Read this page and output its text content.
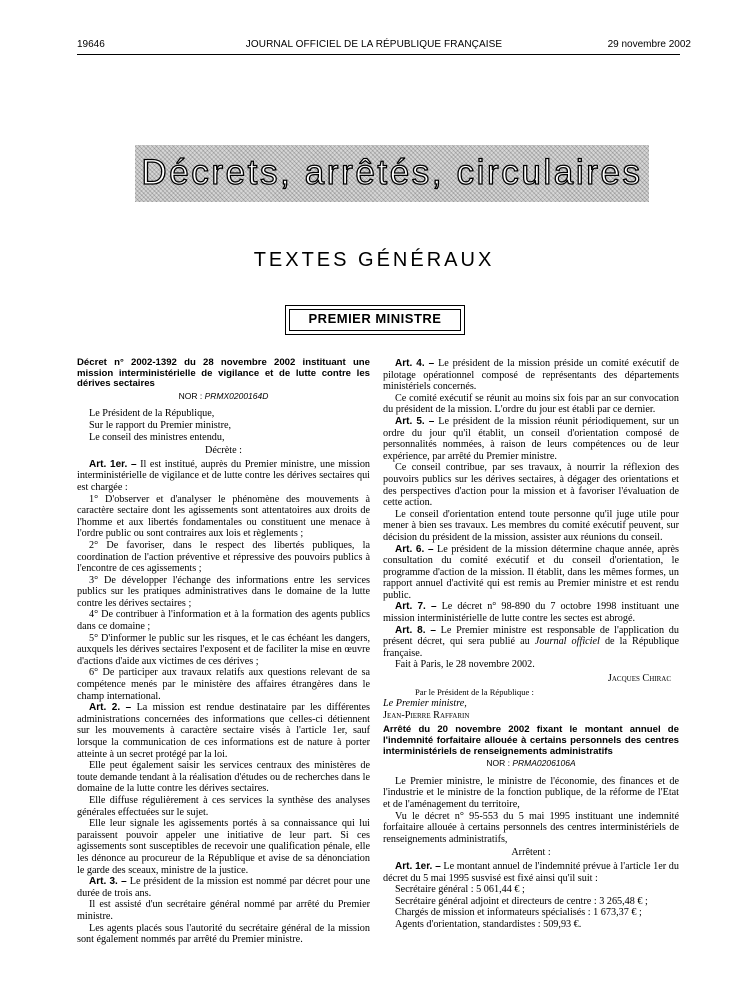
19646	JOURNAL OFFICIEL DE LA RÉPUBLIQUE FRANÇAISE	29 novembre 2002
Décrets, arrêtés, circulaires
TEXTES GÉNÉRAUX
PREMIER MINISTRE

Décret n° 2002-1392 du 28 novembre 2002 instituant une mission interministérielle de vigilance et de lutte contre les dérives sectaires

NOR : PRMX0200164D

Le Président de la République,

Sur le rapport du Premier ministre,

Le conseil des ministres entendu,

Décrète :

Art. 1er. – Il est institué, auprès du Premier ministre, une mission interministérielle de vigilance et de lutte contre les dérives sectaires qui est chargée :

1° D'observer et d'analyser le phénomène des mouvements à caractère sectaire dont les agissements sont attentatoires aux droits de l'homme et aux libertés fondamentales ou constituent une menace à l'ordre public ou sont contraires aux lois et règlements ;

2° De favoriser, dans le respect des libertés publiques, la coordination de l'action préventive et répressive des pouvoirs publics à l'encontre de ces agissements ;

3° De développer l'échange des informations entre les services publics sur les pratiques administratives dans le domaine de la lutte contre les dérives sectaires ;

4° De contribuer à l'information et à la formation des agents publics dans ce domaine ;

5° D'informer le public sur les risques, et le cas échéant les dangers, auxquels les dérives sectaires l'exposent et de faciliter la mise en œuvre d'actions d'aide aux victimes de ces dérives ;

6° De participer aux travaux relatifs aux questions relevant de sa compétence menés par le ministère des affaires étrangères dans le champ international.

Art. 2. – La mission est rendue destinataire par les différentes administrations concernées des informations que celles-ci détiennent sur les mouvements à caractère sectaire visés à l'article 1er, sauf lorsque la communication de ces informations est de nature à porter atteinte à un secret protégé par la loi.

Elle peut également saisir les services centraux des ministères de toute demande tendant à la réalisation d'études ou de recherches dans le domaine de la lutte contre les dérives sectaires.

Elle diffuse régulièrement à ces services la synthèse des analyses générales effectuées sur le sujet.

Elle leur signale les agissements portés à sa connaissance qui lui paraissent pouvoir appeler une initiative de leur part. Si ces agissements sont susceptibles de recevoir une qualification pénale, elle les dénonce au procureur de la République et avise de sa dénonciation le garde des sceaux, ministre de la justice.

Art. 3. – Le président de la mission est nommé par décret pour une durée de trois ans.

Il est assisté d'un secrétaire général nommé par arrêté du Premier ministre.

Les agents placés sous l'autorité du secrétaire général de la mission sont également nommés par arrêté du Premier ministre.

Art. 4. – Le président de la mission préside un comité exécutif de pilotage opérationnel composé de représentants des départements ministériels concernés.

Ce comité exécutif se réunit au moins six fois par an sur convocation du président de la mission. L'ordre du jour est établi par ce dernier.

Art. 5. – Le président de la mission réunit périodiquement, sur un ordre du jour qu'il établit, un conseil d'orientation composé de personnalités nommées, à raison de leurs compétences ou de leur expérience, par arrêté du Premier ministre.

Ce conseil contribue, par ses travaux, à nourrir la réflexion des pouvoirs publics sur les dérives sectaires, à dégager des orientations et des perspectives d'action pour la mission et à favoriser l'évaluation de cette action.

Le conseil d'orientation entend toute personne qu'il juge utile pour mener à bien ses travaux. Les membres du comité exécutif peuvent, sur décision du président de la mission, assister aux réunions du conseil.

Art. 6. – Le président de la mission détermine chaque année, après consultation du comité exécutif et du conseil d'orientation, le programme d'action de la mission. Il établit, dans les mêmes formes, un rapport annuel d'activité qui est remis au Premier ministre et est rendu public.

Art. 7. – Le décret n° 98-890 du 7 octobre 1998 instituant une mission interministérielle de lutte contre les sectes est abrogé.

Art. 8. – Le Premier ministre est responsable de l'application du présent décret, qui sera publié au Journal officiel de la République française.

Fait à Paris, le 28 novembre 2002.

Jacques Chirac
Par le Président de la République :
Le Premier ministre,
Jean-Pierre Raffarin

Arrêté du 20 novembre 2002 fixant le montant annuel de l'indemnité forfaitaire allouée à certains personnels des centres interministériels de renseignements administratifs

NOR : PRMA0206106A

Le Premier ministre, le ministre de l'économie, des finances et de l'industrie et le ministre de la fonction publique, de la réforme de l'Etat et de l'aménagement du territoire,

Vu le décret n° 95-553 du 5 mai 1995 instituant une indemnité forfaitaire allouée à certains personnels des centres interministériels de renseignements administratifs,

Arrêtent :

Art. 1er. – Le montant annuel de l'indemnité prévue à l'article 1er du décret du 5 mai 1995 susvisé est fixé ainsi qu'il suit :

Secrétaire général : 5 061,44 € ;

Secrétaire général adjoint et directeurs de centre : 3 265,48 € ;

Chargés de mission et informateurs spécialisés : 1 673,37 € ;

Agents d'orientation, standardistes : 509,93 €.
